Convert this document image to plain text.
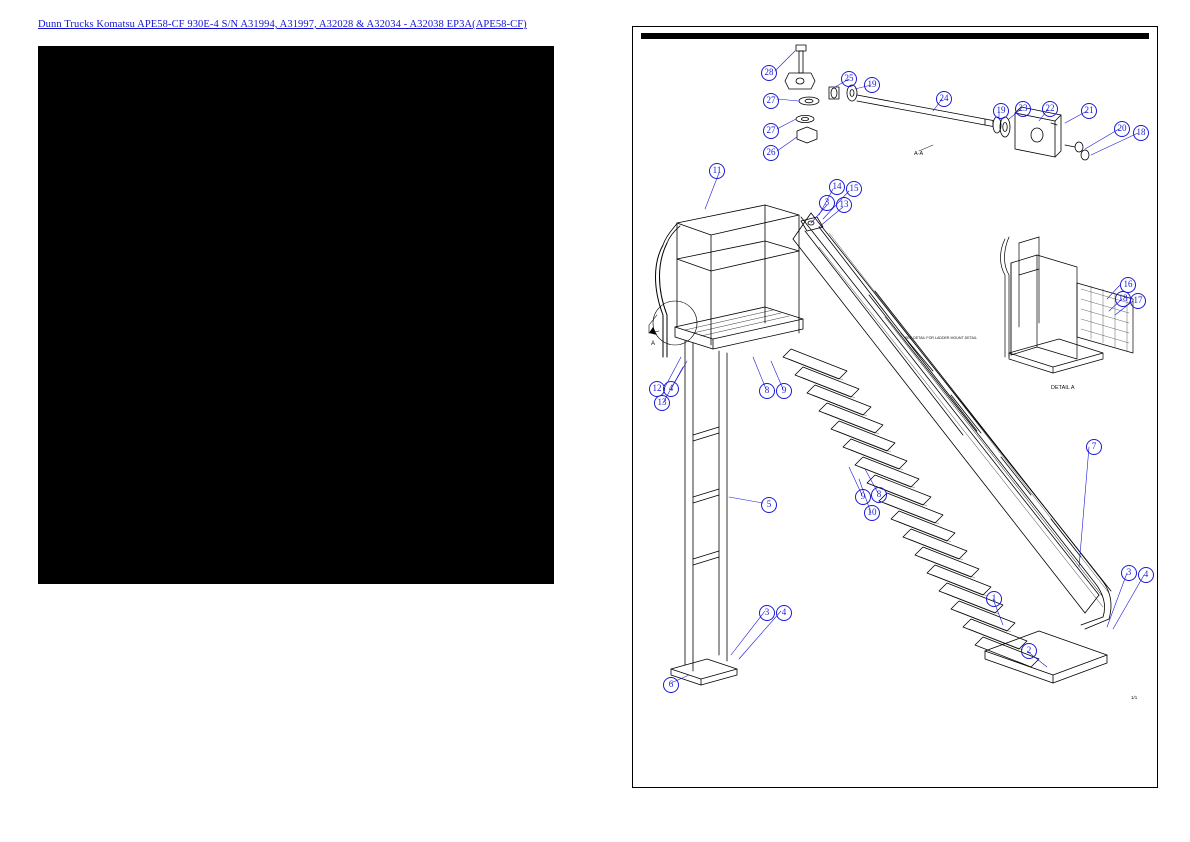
Dunn Trucks Komatsu APE58-CF 930E-4 S/N A31994, A31997, A32028 & A32034 - A32038 EP3A(APE58-CF)
A
A-A
DETAIL A
SEE DETAIL FOR LADDER MOUNT DETAIL
1/1
28
27
27
26
25
19
24
19	23	22	21
20	18
11
14 15
3	13
16
18 17
12 4
13
8	9
7
9	8
10
5
3	4
3	4
2
6
1
